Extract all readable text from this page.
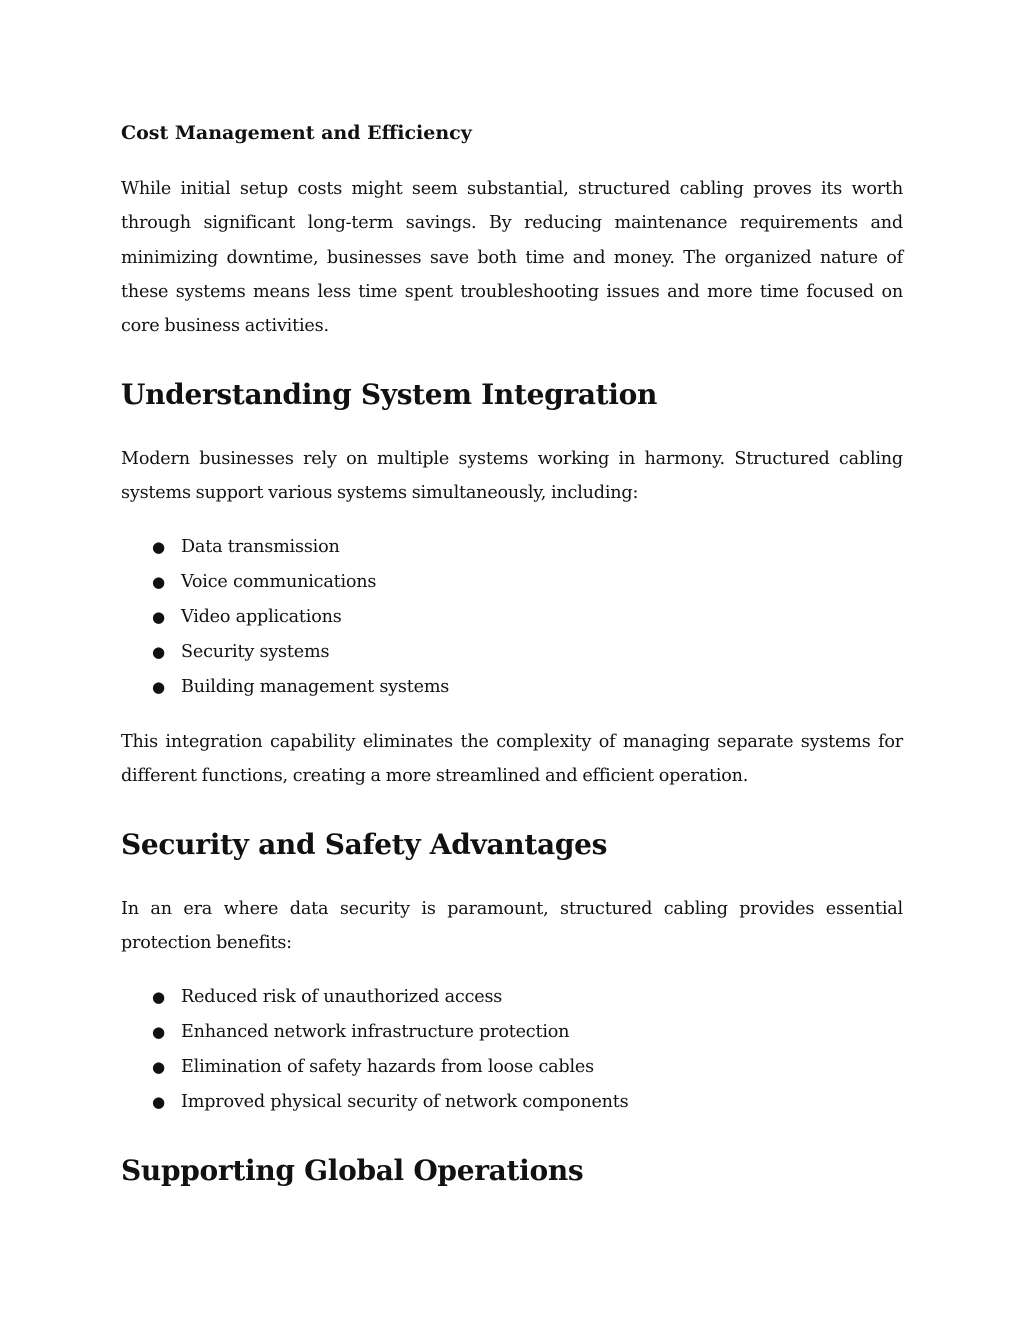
Cost Management and Efficiency

While initial setup costs might seem substantial, structured cabling proves its worth through significant long-term savings. By reducing maintenance requirements and minimizing downtime, businesses save both time and money. The organized nature of these systems means less time spent troubleshooting issues and more time focused on core business activities.

Understanding System Integration

Modern businesses rely on multiple systems working in harmony. Structured cabling systems support various systems simultaneously, including:

● Data transmission
● Voice communications
● Video applications
● Security systems
● Building management systems

This integration capability eliminates the complexity of managing separate systems for different functions, creating a more streamlined and efficient operation.

Security and Safety Advantages

In an era where data security is paramount, structured cabling provides essential protection benefits:

● Reduced risk of unauthorized access
● Enhanced network infrastructure protection
● Elimination of safety hazards from loose cables
● Improved physical security of network components
Supporting Global Operations
